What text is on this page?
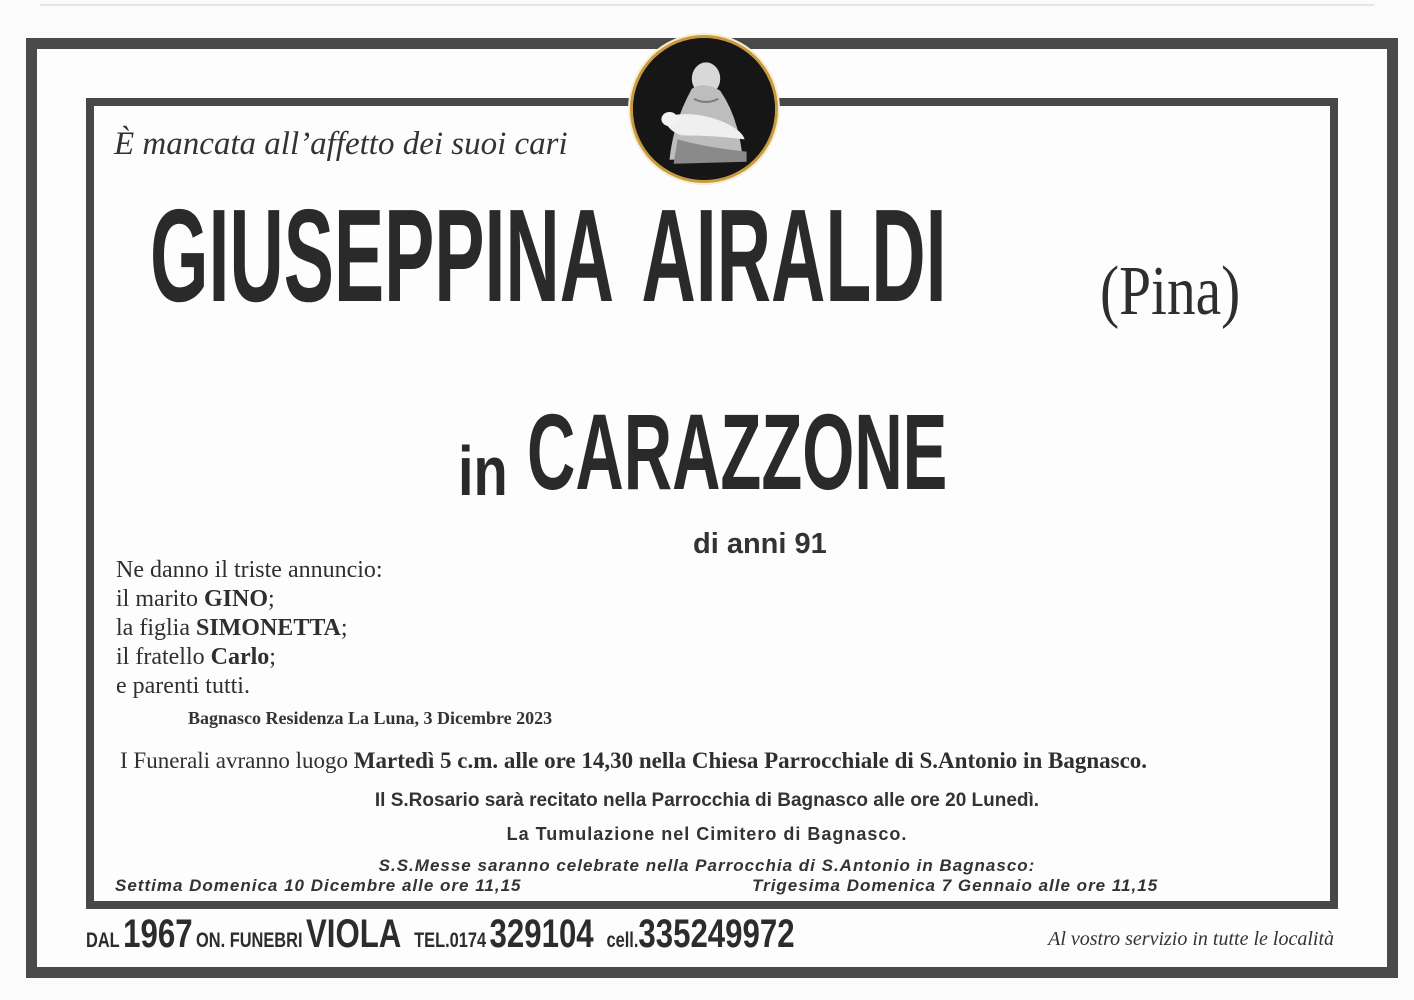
È mancata all’affetto dei suoi cari
GIUSEPPINA AIRALDI (Pina)
in CARAZZONE
di anni 91
Ne danno il triste annuncio:
il marito GINO;
la figlia SIMONETTA;
il fratello Carlo;
e parenti tutti.
Bagnasco Residenza La Luna, 3 Dicembre 2023
I Funerali avranno luogo Martedì 5 c.m. alle ore 14,30 nella Chiesa Parrocchiale di S.Antonio in Bagnasco.
Il S.Rosario sarà recitato nella Parrocchia di Bagnasco alle ore 20 Lunedì.
La Tumulazione nel Cimitero di Bagnasco.
S.S.Messe saranno celebrate nella Parrocchia di S.Antonio in Bagnasco:
Settima Domenica 10 Dicembre alle ore 11,15	Trigesima Domenica 7 Gennaio alle ore 11,15
DAL 1967 ON. FUNEBRI VIOLA TEL.0174 329104 cell.335249972	Al vostro servizio in tutte le località
